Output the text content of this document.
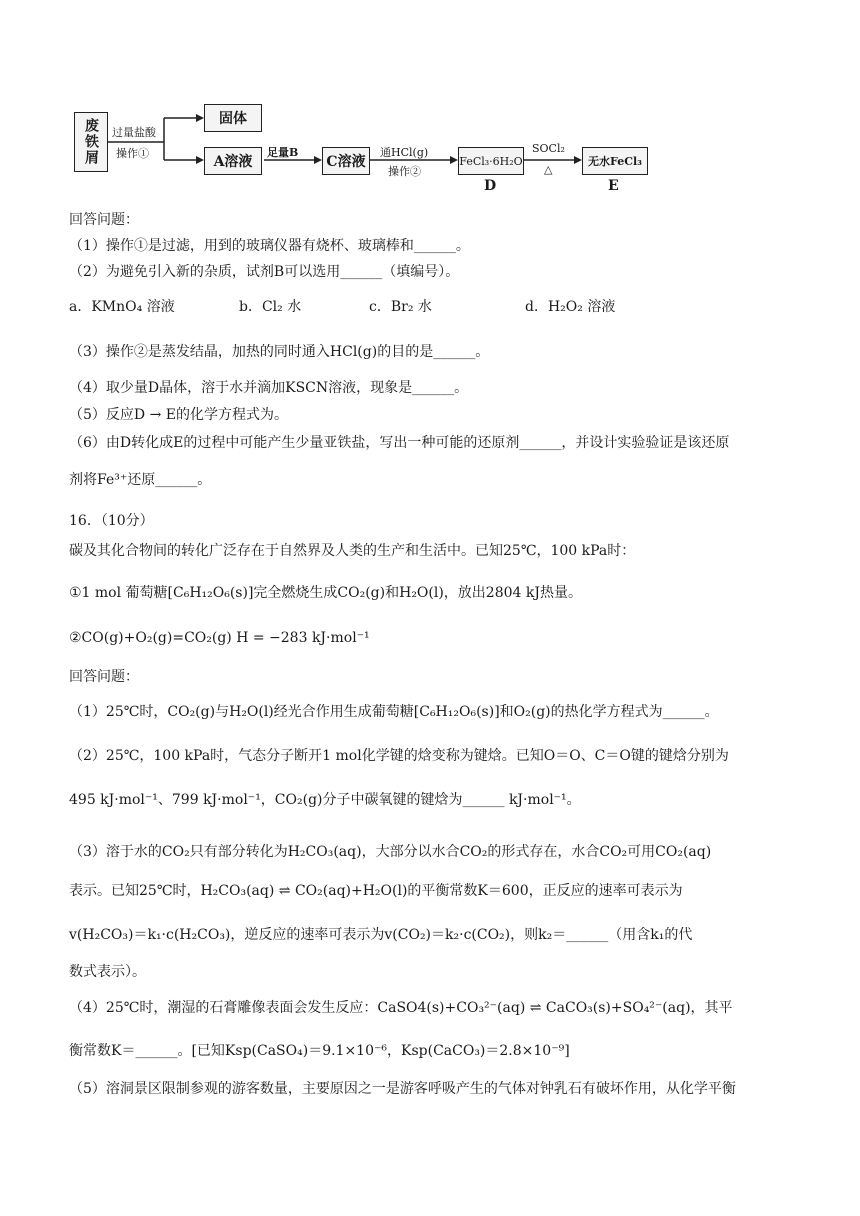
废铁屑	固体
A溶液	C溶液	FeCl₃·6H₂O	无水FeCl₃
过量盐酸
操作①	足量B	通HCl(g)
操作②
SOCl₂
△
D	E
回答问题：
（1）操作①是过滤，用到的玻璃仪器有烧杯、玻璃棒和______。
（2）为避免引入新的杂质，试剂B可以选用______（填编号）。
a．KMnO₄ 溶液	b．Cl₂ 水	c．Br₂ 水	d．H₂O₂ 溶液
（3）操作②是蒸发结晶，加热的同时通入HCl(g)的目的是______。
（4）取少量D晶体，溶于水并滴加KSCN溶液，现象是______。
（5）反应D → E的化学方程式为。
（6）由D转化成E的过程中可能产生少量亚铁盐，写出一种可能的还原剂______，并设计实验验证是该还原
剂将Fe³⁺还原______。
16．（10分）
碳及其化合物间的转化广泛存在于自然界及人类的生产和生活中。已知25℃，100 kPa时：
①1 mol 葡萄糖[C₆H₁₂O₆(s)]完全燃烧生成CO₂(g)和H₂O(l)，放出2804 kJ热量。
②CO(g)+O₂(g)=CO₂(g) H = −283 kJ·mol⁻¹
回答问题：
（1）25℃时，CO₂(g)与H₂O(l)经光合作用生成葡萄糖[C₆H₁₂O₆(s)]和O₂(g)的热化学方程式为______。
（2）25℃，100 kPa时，气态分子断开1 mol化学键的焓变称为键焓。已知O＝O、C＝O键的键焓分别为
495 kJ·mol⁻¹、799 kJ·mol⁻¹，CO₂(g)分子中碳氧键的键焓为______ kJ·mol⁻¹。
（3）溶于水的CO₂只有部分转化为H₂CO₃(aq)，大部分以水合CO₂的形式存在，水合CO₂可用CO₂(aq)
表示。已知25℃时，H₂CO₃(aq) ⇌ CO₂(aq)+H₂O(l)的平衡常数K＝600，正反应的速率可表示为
v(H₂CO₃)＝k₁·c(H₂CO₃)，逆反应的速率可表示为v(CO₂)＝k₂·c(CO₂)，则k₂＝______（用含k₁的代
数式表示）。
（4）25℃时，潮湿的石膏雕像表面会发生反应：CaSO4(s)+CO₃²⁻(aq) ⇌ CaCO₃(s)+SO₄²⁻(aq)，其平
衡常数K＝______。[已知Ksp(CaSO₄)＝9.1×10⁻⁶，Ksp(CaCO₃)＝2.8×10⁻⁹]
（5）溶洞景区限制参观的游客数量，主要原因之一是游客呼吸产生的气体对钟乳石有破坏作用，从化学平衡
